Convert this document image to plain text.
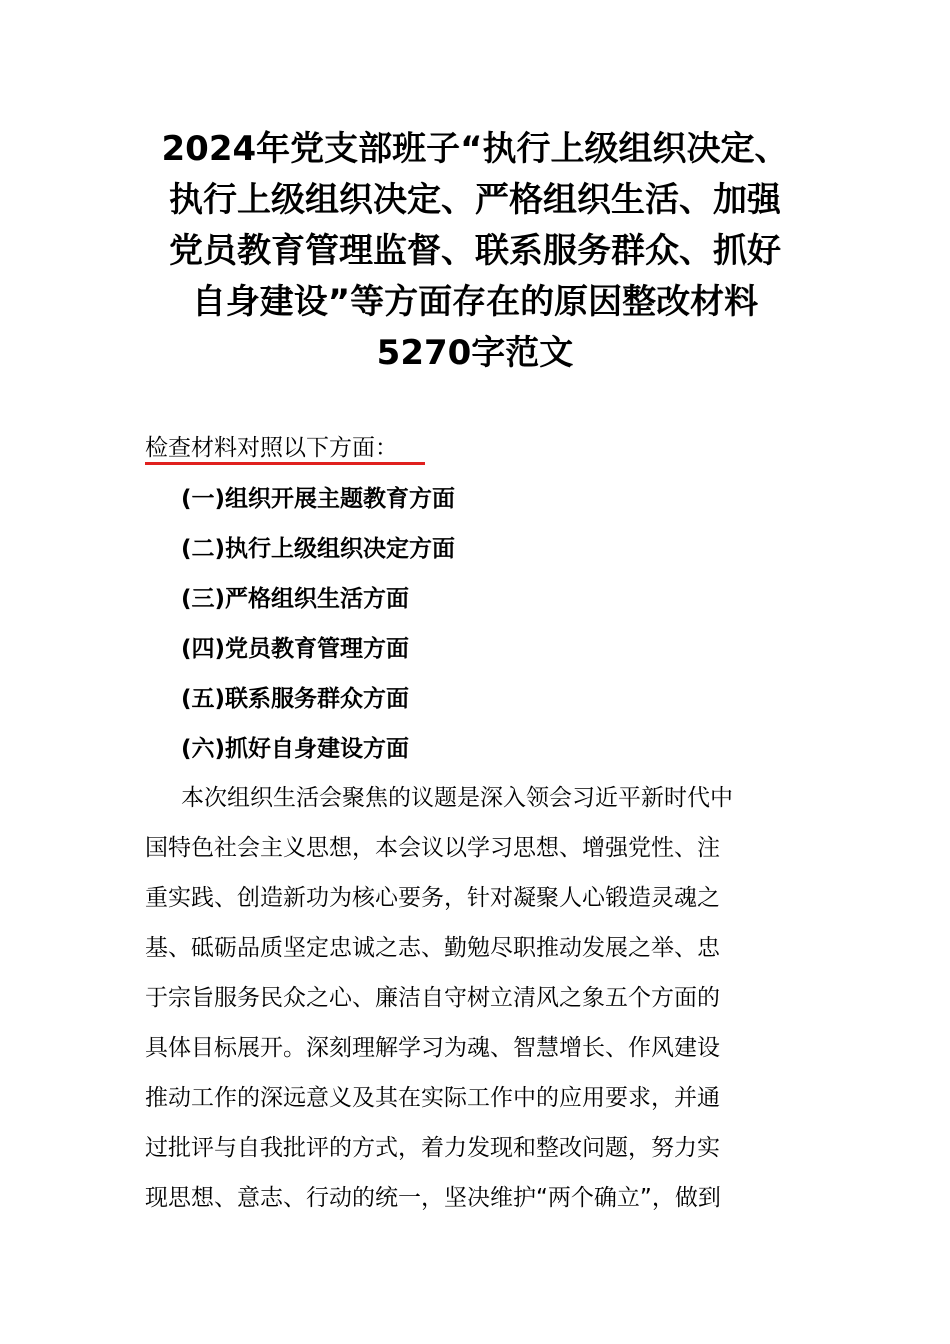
2024年党支部班子“执行上级组织决定、
执行上级组织决定、严格组织生活、加强
党员教育管理监督、联系服务群众、抓好
自身建设”等方面存在的原因整改材料
5270字范文
检查材料对照以下方面：
(一)组织开展主题教育方面
(二)执行上级组织决定方面
(三)严格组织生活方面
(四)党员教育管理方面
(五)联系服务群众方面
(六)抓好自身建设方面
本次组织生活会聚焦的议题是深入领会习近平新时代中
国特色社会主义思想，本会议以学习思想、增强党性、注
重实践、创造新功为核心要务，针对凝聚人心锻造灵魂之
基、砥砺品质坚定忠诚之志、勤勉尽职推动发展之举、忠
于宗旨服务民众之心、廉洁自守树立清风之象五个方面的
具体目标展开。深刻理解学习为魂、智慧增长、作风建设
推动工作的深远意义及其在实际工作中的应用要求，并通
过批评与自我批评的方式，着力发现和整改问题，努力实
现思想、意志、行动的统一，坚决维护“两个确立”，做到
